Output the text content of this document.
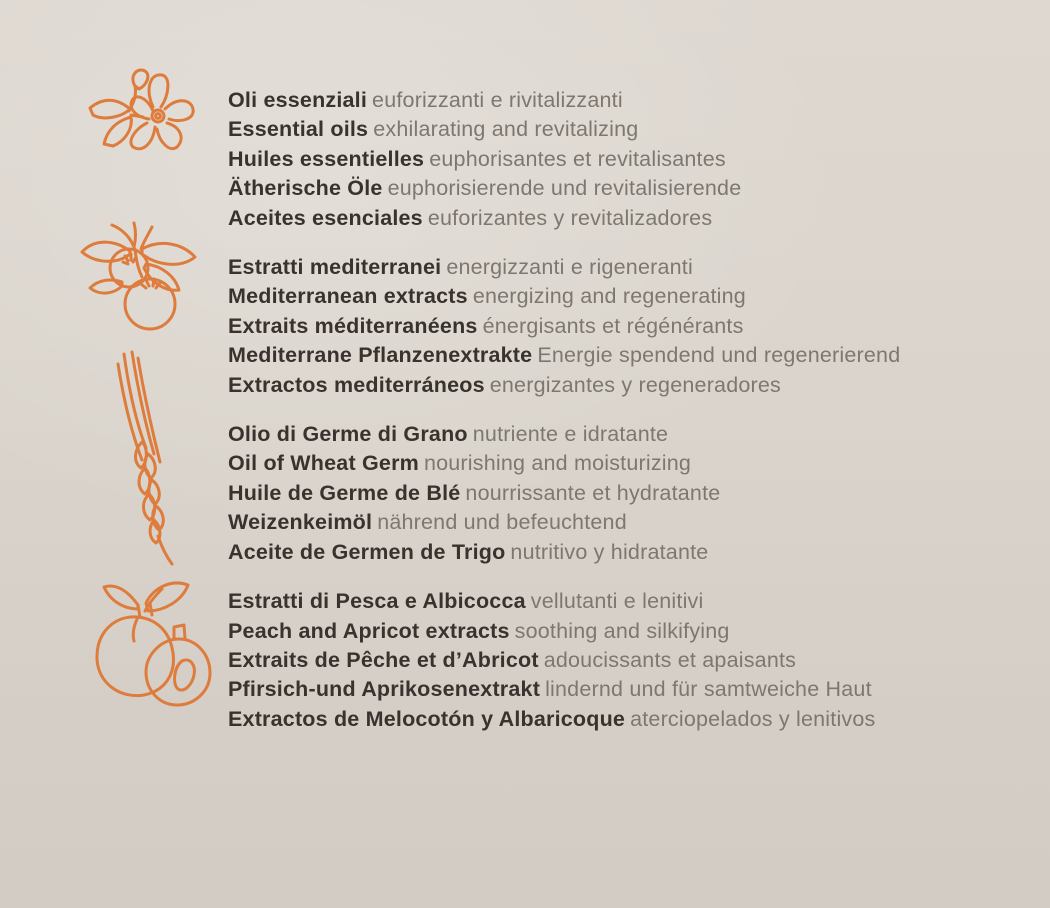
Oli essenziali euforizzanti e rivitalizzanti

Essential oils exhilarating and revitalizing

Huiles essentielles euphorisantes et revitalisantes

Ätherische Öle euphorisierende und revitalisierende

Aceites esenciales euforizantes y revitalizadores

Estratti mediterranei energizzanti e rigeneranti

Mediterranean extracts energizing and regenerating

Extraits méditerranéens énergisants et régénérants

Mediterrane Pflanzenextrakte Energie spendend und regenerierend

Extractos mediterráneos energizantes y regeneradores

Olio di Germe di Grano nutriente e idratante

Oil of Wheat Germ nourishing and moisturizing

Huile de Germe de Blé nourrissante et hydratante

Weizenkeimöl nährend und befeuchtend

Aceite de Germen de Trigo nutritivo y hidratante

Estratti di Pesca e Albicocca vellutanti e lenitivi

Peach and Apricot extracts soothing and silkifying

Extraits de Pêche et d’Abricot adoucissants et apaisants

Pfirsich-und Aprikosenextrakt lindernd und für samtweiche Haut

Extractos de Melocotón y Albaricoque aterciopelados y lenitivos
